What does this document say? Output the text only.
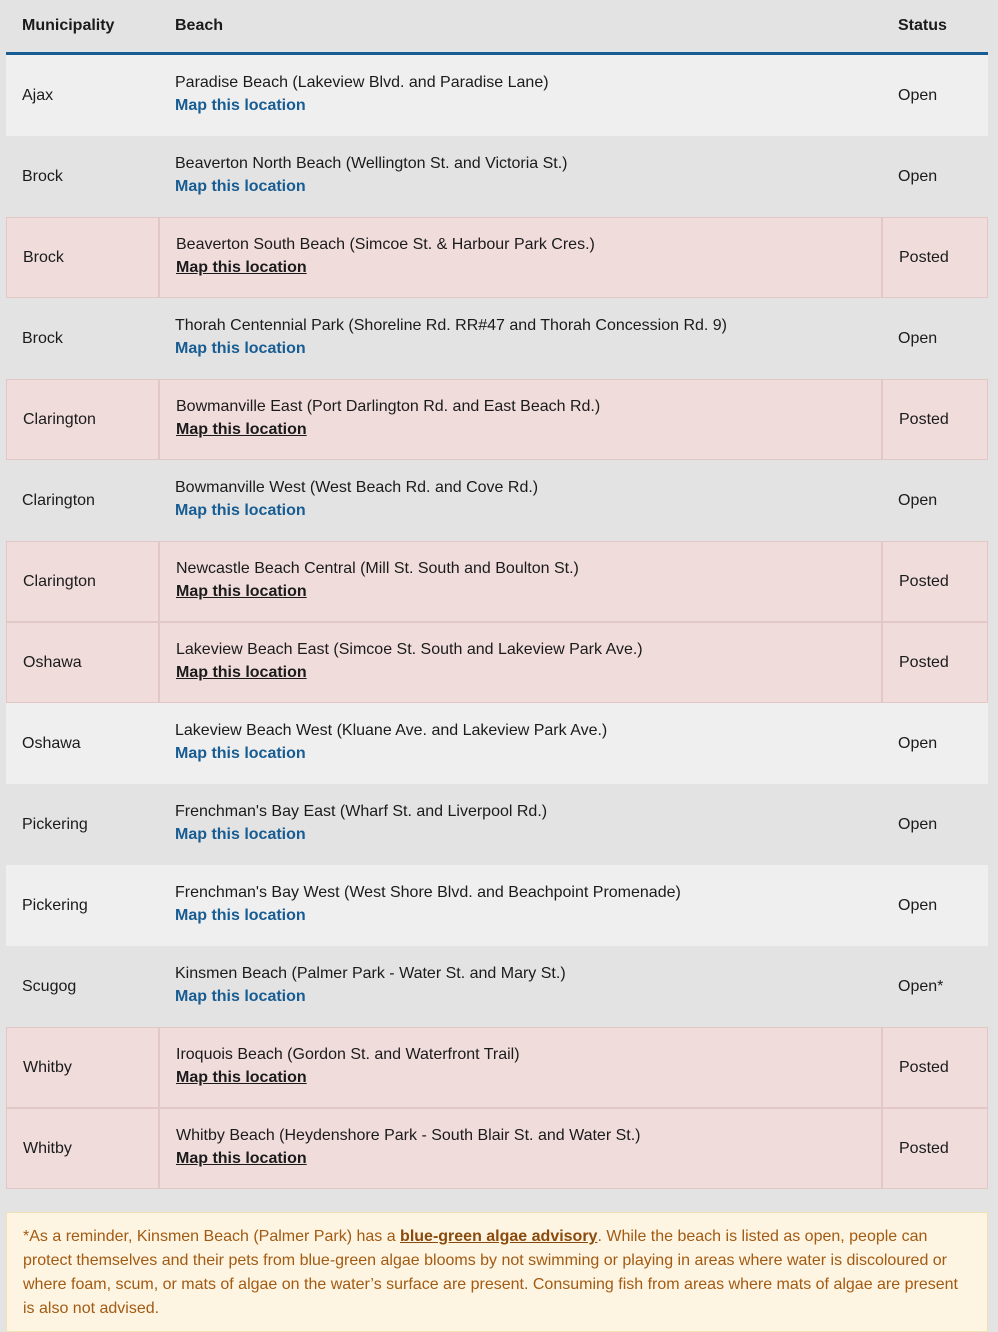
Municipality	Beach	Status
Ajax
Paradise Beach (Lakeview Blvd. and Paradise Lane)
Map this location
Open
Brock
Beaverton North Beach (Wellington St. and Victoria St.)
Map this location
Open
Brock
Beaverton South Beach (Simcoe St. & Harbour Park Cres.)
Map this location
Posted
Brock
Thorah Centennial Park (Shoreline Rd. RR#47 and Thorah Concession Rd. 9)
Map this location
Open
Clarington
Bowmanville East (Port Darlington Rd. and East Beach Rd.)
Map this location
Posted
Clarington
Bowmanville West (West Beach Rd. and Cove Rd.)
Map this location
Open
Clarington
Newcastle Beach Central (Mill St. South and Boulton St.)
Map this location
Posted
Oshawa
Lakeview Beach East (Simcoe St. South and Lakeview Park Ave.)
Map this location
Posted
Oshawa
Lakeview Beach West (Kluane Ave. and Lakeview Park Ave.)
Map this location
Open
Pickering
Frenchman's Bay East (Wharf St. and Liverpool Rd.)
Map this location
Open
Pickering
Frenchman's Bay West (West Shore Blvd. and Beachpoint Promenade)
Map this location
Open
Scugog
Kinsmen Beach (Palmer Park - Water St. and Mary St.)
Map this location
Open*
Whitby
Iroquois Beach (Gordon St. and Waterfront Trail)
Map this location
Posted
Whitby
Whitby Beach (Heydenshore Park - South Blair St. and Water St.)
Map this location
Posted
*As a reminder, Kinsmen Beach (Palmer Park) has a blue-green algae advisory. While the beach is listed as open, people can protect themselves and their pets from blue-green algae blooms by not swimming or playing in areas where water is discoloured or where foam, scum, or mats of algae on the water’s surface are present. Consuming fish from areas where mats of algae are present is also not advised.
